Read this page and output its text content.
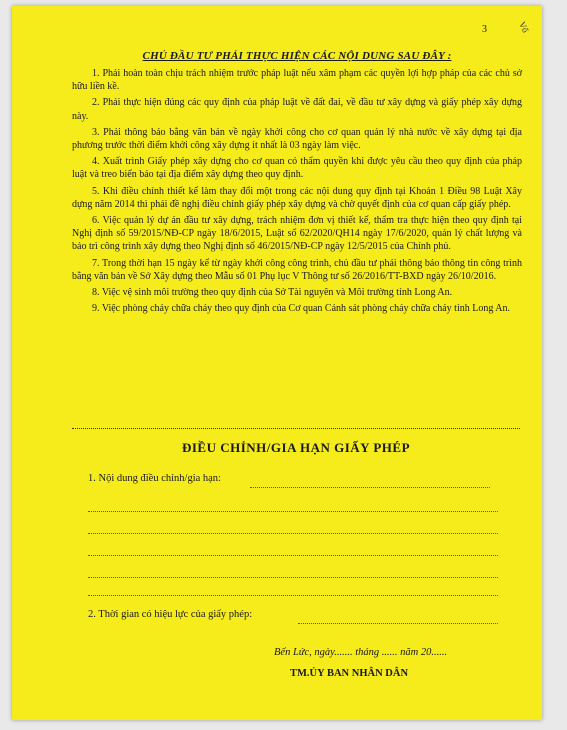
3	Vố
CHỦ ĐẦU TƯ PHẢI THỰC HIỆN CÁC NỘI DUNG SAU ĐÂY :

1. Phải hoàn toàn chịu trách nhiệm trước pháp luật nếu xâm phạm các quyền lợi hợp pháp của các chủ sở hữu liền kề.

2. Phải thực hiện đúng các quy định của pháp luật về đất đai, về đầu tư xây dựng và giấy phép xây dựng này.

3. Phải thông báo bằng văn bản về ngày khởi công cho cơ quan quản lý nhà nước về xây dựng tại địa phương trước thời điểm khởi công xây dựng ít nhất là 03 ngày làm việc.

4. Xuất trình Giấy phép xây dựng cho cơ quan có thẩm quyền khi được yêu cầu theo quy định của pháp luật và treo biển báo tại địa điểm xây dựng theo quy định.

5. Khi điều chỉnh thiết kế làm thay đổi một trong các nội dung quy định tại Khoản 1 Điều 98 Luật Xây dựng năm 2014 thì phải đề nghị điều chỉnh giấy phép xây dựng và chờ quyết định của cơ quan cấp giấy phép.

6. Việc quản lý dự án đầu tư xây dựng, trách nhiệm đơn vị thiết kế, thẩm tra thực hiện theo quy định tại Nghị định số 59/2015/NĐ-CP ngày 18/6/2015, Luật số 62/2020/QH14 ngày 17/6/2020, quản lý chất lượng và bảo trì công trình xây dựng theo Nghị định số 46/2015/NĐ-CP ngày 12/5/2015 của Chính phủ.

7. Trong thời hạn 15 ngày kể từ ngày khởi công công trình, chủ đầu tư phải thông báo thông tin công trình bằng văn bản về Sở Xây dựng theo Mẫu số 01 Phụ lục V Thông tư số 26/2016/TT-BXD ngày 26/10/2016.

8. Việc vệ sinh môi trường theo quy định của Sở Tài nguyên và Môi trường tỉnh Long An.

9. Việc phòng cháy chữa cháy theo quy định của Cơ quan Cảnh sát phòng cháy chữa cháy tỉnh Long An.

ĐIỀU CHỈNH/GIA HẠN GIẤY PHÉP
1. Nội dung điều chỉnh/gia hạn:
2. Thời gian có hiệu lực của giấy phép:
Bến Lức, ngày....... tháng ...... năm 20......
TM.ỦY BAN NHÂN DÂN
